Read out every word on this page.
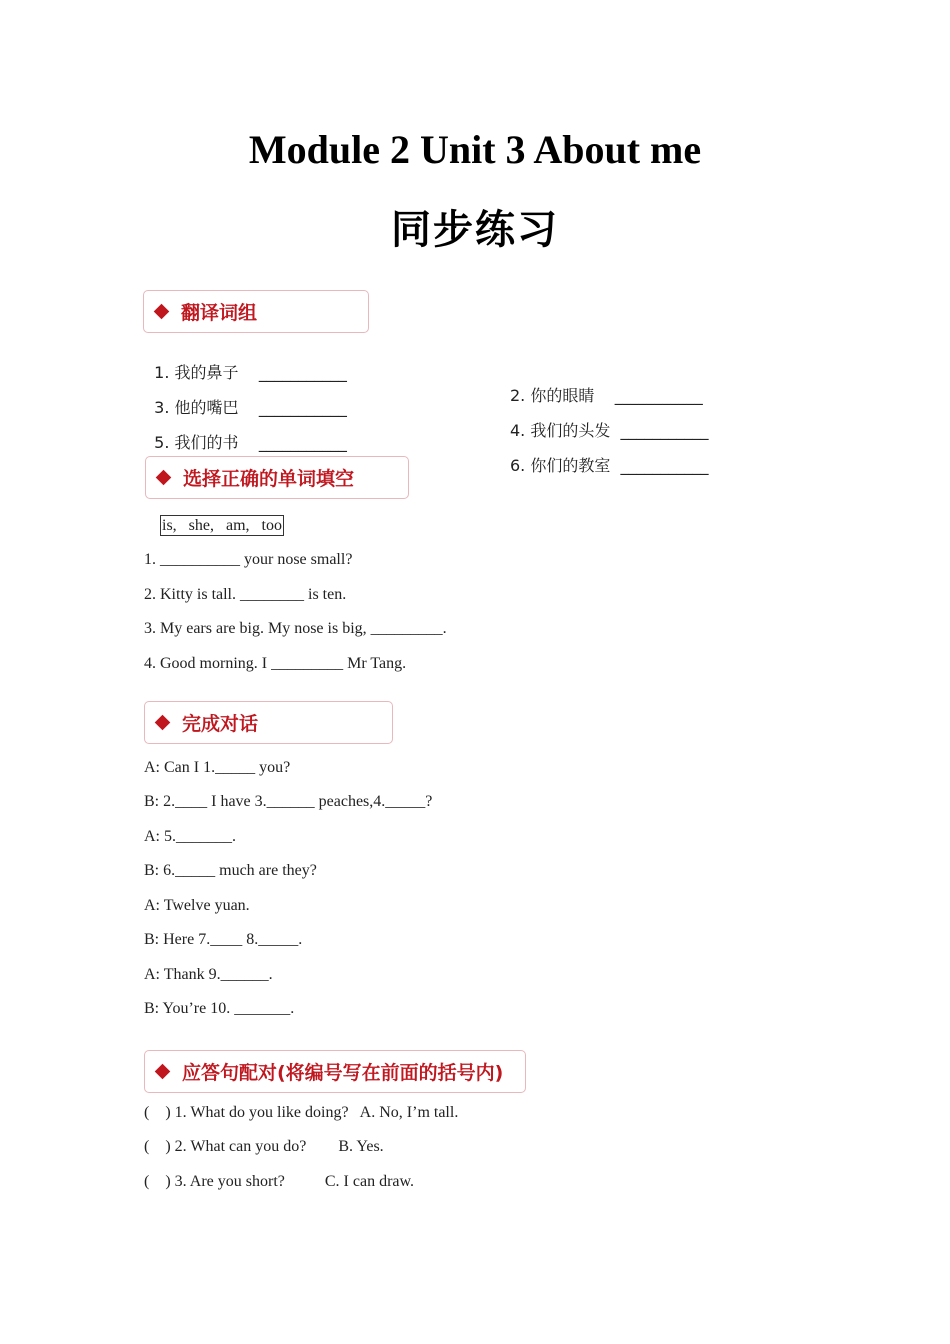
Module 2 Unit 3 About me
同步练习
翻译词组

1. 我的鼻子    ___________

2. 你的眼睛    ___________

3. 他的嘴巴    ___________

4. 我们的头发  ___________

5. 我们的书    ___________

6. 你们的教室  ___________

选择正确的单词填空
is,   she,   am,   too
1. __________ your nose small?
2. Kitty is tall. ________ is ten.
3. My ears are big. My nose is big, _________.
4. Good morning. I _________ Mr Tang.
完成对话
A: Can I 1._____ you?
B: 2.____ I have 3.______ peaches,4._____?
A: 5._______.
B: 6._____ much are they?
A: Twelve yuan.
B: Here 7.____ 8._____.
A: Thank 9.______.
B: You’re 10. _______.
应答句配对(将编号写在前面的括号内)
(    ) 1. What do you like doing?   A. No, I’m tall.
(    ) 2. What can you do?        B. Yes.
(    ) 3. Are you short?          C. I can draw.
